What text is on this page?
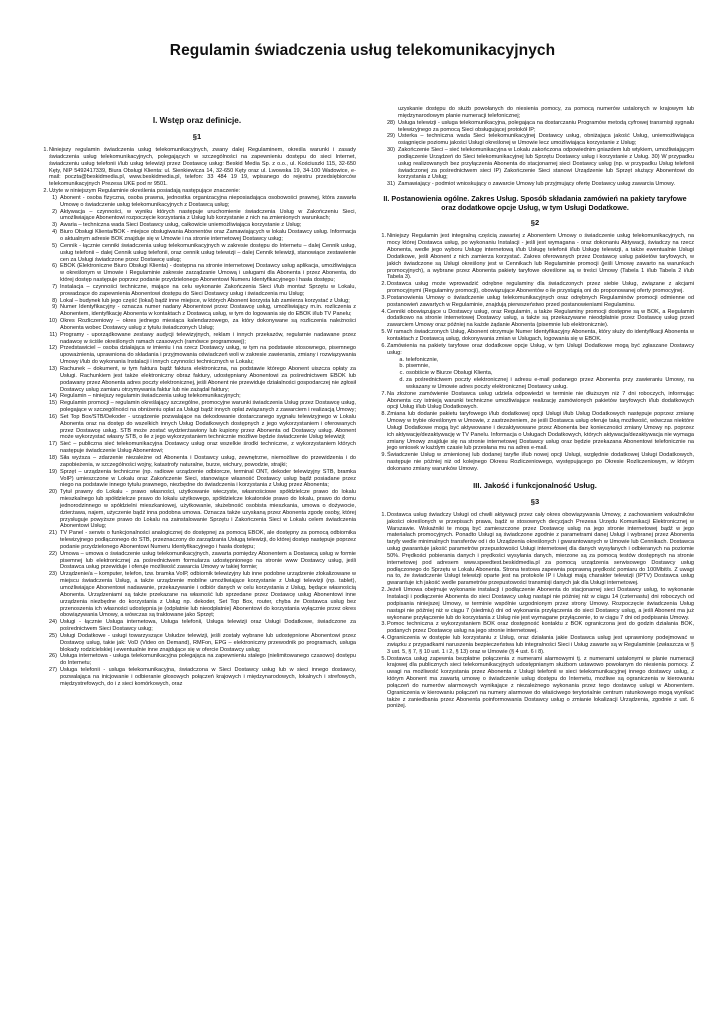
Regulamin świadczenia usług telekomunikacyjnych
I. Wstęp oraz definicje.
§1
1. Niniejszy regulamin świadczenia usług telekomunikacyjnych, zwany dalej Regulaminem, określa warunki i zasady świadczenia usług telekomunikacyjnych, polegających w szczególności na zapewnieniu dostępu do sieci Internet, świadczeniu usług telefonii i/lub usług telewizji przez Dostawcę usług: Beskid Media Sp. z o.o., ul. Kościuszki 115, 32-650 Kęty, NIP 5492417339, Biura Obsługi Klienta: ul. Sienkiewicza 14, 32-650 Kęty oraz ul. Lwowska 19, 34-100 Wadowice, e-mail: poczta@beskidmedia.pl, www.beskidmedia.pl, telefon: 33 484 19 19, wpisanego do rejestru przedsiębiorców telekomunikacyjnych Prezesa UKE pod nr 9501.
2. Użyte w niniejszym Regulaminie określenia posiadają następujące znaczenie:
1) Abonent - osoba fizyczna, osoba prawna, jednostka organizacyjna nieposiadająca osobowości prawnej, która zawarła Umowę o świadczenie usług telekomunikacyjnych z Dostawcą usług;
2) Aktywacja – czynności, w wyniku których następuje uruchomienie świadczenia Usług w Zakończeniu Sieci, umożliwiające Abonentowi rozpoczęcie korzystania z Usług lub korzystanie z nich na zmienionych warunkach;
3) Awaria – techniczna wada Sieci Dostawcy usług, całkowicie uniemożliwiająca korzystanie z Usług;
4) Biuro Obsługi Klienta/BOK - miejsce obsługiwania Abonentów oraz Zamawiających w lokalu Dostawcy usług. Informacja o aktualnym adresie BOK znajduje się w Umowie i na stronie internetowej Dostawcy usług;
5) Cennik - łącznie cenniki świadczenia usług telekomunikacyjnych w zakresie dostępu do Internetu – dalej Cennik usług, usług telefonii – dalej Cennik usług telefonii, oraz cennik usług telewizji – dalej Cennik telewizji, stanowiące zestawienie cen za Usługi świadczone przez Dostawcę usług;
6) EBOK (Elektroniczne Biuro Obsługi Klienta) - dostępna na stronie internetowej Dostawcy usług aplikacja, umożliwiająca w określonym w Umowie i Regulaminie zakresie zarządzanie Umową i usługami dla Abonenta i przez Abonenta, do której dostęp następuje poprzez podanie przydzielonego Abonentowi Numeru Identyfikacyjnego i hasła dostępu;
7) Instalacja – czynności techniczne, mające na celu wykonanie Zakończenia Sieci i/lub montaż Sprzętu w Lokalu, prowadzące do zapewnienia Abonentowi dostępu do Sieci Dostawcy usług i świadczenia mu Usług;
8) Lokal – budynek lub jego część (lokal) bądź inne miejsce, w których Abonent korzysta lub zamierza korzystać z Usług;
9) Numer Identyfikacyjny - oznacza numer nadany Abonentowi przez Dostawcę usług, umożliwiający m.in. rozliczenia z Abonentem, identyfikację Abonenta w kontaktach z Dostawcą usług, w tym do logowania się do EBOK i/lub TV Panelu;
10) Okres Rozliczeniowy – okres jednego miesiąca kalendarzowego, za który dokonywane są rozliczenia należności Abonenta wobec Dostawcy usług z tytułu świadczonych Usług;
11) Programy - uporządkowane zestawy audycji telewizyjnych, reklam i innych przekazów, regularnie nadawane przez nadawcę w ściśle określonych ramach czasowych (ramówce programowej);
12) Przedstawiciel – osoba działająca w imieniu i na rzecz Dostawcy usług, w tym na podstawie stosownego, pisemnego upoważnienia, uprawniona do składania i przyjmowania oświadczeń woli w zakresie zawierania, zmiany i rozwiązywania Umowy i/lub do wykonania Instalacji i innych czynności technicznych w Lokalu;
13) Rachunek – dokument, w tym faktura bądź faktura elektroniczna, na podstawie którego Abonent uiszcza opłaty za Usługi. Rachunkiem jest także elektroniczny obraz faktury, udostępniany Abonentowi za pośrednictwem EBOK lub podawany przez Abonenta adres poczty elektronicznej, jeśli Abonent nie przewiduje działalności gospodarczej nie zgłosił Dostawcy usług zamiaru otrzymywania faktur lub nie zażądał faktury;
14) Regulamin – niniejszy regulamin świadczenia usług telekomunikacyjnych;
15) Regulamin promocji – regulamin określający szczególne, promocyjne warunki świadczenia Usług przez Dostawcę usług, polegające w szczególności na obniżeniu opłat za Usługi bądź innych opłat związanych z zawarciem i realizacją Umowy;
16) Set Top Box/STB/Dekoder - urządzenie pozwalające na dekodowanie dostarczanego sygnału telewizyjnego w Lokalu Abonenta oraz na dostęp do wszelkich innych Usług Dodatkowych dostępnych z jego wykorzystaniem i oferowanych przez Dostawcę usług. STB może zostać wydzierżawiony lub kupiony przez Abonenta od Dostawcy usług. Abonent może wykorzystać własny STB, o ile z jego wykorzystaniem technicznie możliwe będzie świadczenie Usług telewizji;
17) Sieć – publiczna sieć telekomunikacyjna Dostawcy usług oraz wszelkie środki techniczne, z wykorzystaniem których następuje świadczenie Usług Abonentowi;
18) Siła wyższa – zdarzenie niezależne od Abonenta i Dostawcy usług, zewnętrzne, niemożliwe do przewidzenia i do zapobieżenia, w szczególności wojny, katastrofy naturalne, burze, wichury, powodzie, strajki;
19) Sprzęt – urządzenia techniczne (np. radiowe urządzenie odbiorcze, terminal ONT, dekoder telewizyjny STB, bramka VoIP) umieszczone w Lokalu oraz Zakończenie Sieci, stanowiące własność Dostawcy usług bądź posiadane przez niego na podstawie innego tytułu prawnego, niezbędne do świadczenia i korzystania z Usług przez Abonenta;
20) Tytuł prawny do Lokalu - prawo własności, użytkowanie wieczyste, własnościowe spółdzielcze prawo do lokalu mieszkalnego lub spółdzielcze prawo do lokalu użytkowego, spółdzielcze lokatorskie prawo do lokalu, prawo do domu jednorodzinnego w spółdzielni mieszkaniowej, użytkowanie, służebność osobista mieszkania, umowa o dożywocie, dzierżawa, najem, użyczenie bądź inna podobna umowa. Oznacza także uzyskaną przez Abonenta zgodę osoby, której przysługuje powyższe prawo do Lokalu na zainstalowanie Sprzętu i Zakończenia Sieci w Lokalu celem świadczenia Abonentowi Usług;
21) TV Panel - serwis o funkcjonalności analogicznej do dostępnej za pomocą EBOK, ale dostępny za pomocą odbiornika telewizyjnego podłączonego do STB, przeznaczony do zarządzania Usługą telewizji, do której dostęp następuje poprzez podanie przydzielonego Abonentowi Numeru Identyfikacyjnego i hasła dostępu;
22) Umowa – umowa o świadczenie usług telekomunikacyjnych, zawarta pomiędzy Abonentem a Dostawcą usług w formie pisemnej lub elektronicznej za pośrednictwem formularza udostępnionego na stronie www Dostawcy usług, jeśli Dostawca usług przewiduje i oferuje możliwość zawarcia Umowy w takiej formie;
23) Urządzenie/a – komputer, telefon, tzw. bramka VoIP, odbiornik telewizyjny lub inne podobne urządzenie zlokalizowane w miejscu świadczenia Usług, a także urządzenie mobilne umożliwiające korzystanie z Usługi telewizji (np. tablet), umożliwiające Abonentowi nadawanie, przekazywanie i odbiór danych w celu korzystania z Usług, będące własnością Abonenta. Urządzeniami są także przekazane na własność lub sprzedane przez Dostawcę usług Abonentowi inne urządzenia niezbędne do korzystania z Usług np. dekoder, Set Top Box, router, chyba że Dostawca usług bez przenoszenia ich własności udostępnia je (odpłatnie lub nieodpłatnie) Abonentowi do korzystania wyłącznie przez okres obowiązywania Umowy, a wówczas są traktowane jako Sprzęt;
24) Usługi - łącznie Usługa internetowa, Usługa telefonii, Usługa telewizji oraz Usługi Dodatkowe, świadczone za pośrednictwem Sieci Dostawcy usług;
25) Usługi Dodatkowe - usługi towarzyszące Usłudze telewizji, jeśli zostały wybrane lub udostępnione Abonentowi przez Dostawcę usług, takie jak: VoD (Video on Demand), RMFon, EPG – elektroniczny przewodnik po programach, usługa blokady rodzicielskiej i ewentualnie inne znajdujące się w ofercie Dostawcy usług;
26) Usługa internetowa - usługa telekomunikacyjna polegająca na zapewnieniu stałego (nielimitowanego czasowo) dostępu do Internetu;
27) Usługa telefonii - usługa telekomunikacyjna, świadczona w Sieci Dostawcy usług lub w sieci innego dostawcy, pozwalająca na inicjowanie i odbieranie głosowych połączeń krajowych i międzynarodowych, lokalnych i strefowych, międzystrefowych, do i z sieci komórkowych, oraz
uzyskanie dostępu do służb powołanych do niesienia pomocy, za pomocą numerów ustalonych w krajowym lub międzynarodowym planie numeracji telefonicznej;
28) Usługa telewizji - usługa telekomunikacyjna, polegająca na dostarczaniu Programów metodą cyfrowej transmisji sygnału telewizyjnego za pomocą Sieci obsługującej protokół IP;
29) Usterka – techniczna wada Sieci telekomunikacyjnej Dostawcy usług, obniżająca jakość Usług, uniemożliwiająca osiągnięcie poziomu jakości Usługi określonej w Umowie lecz umożliwiająca korzystanie z Usług;
30) Zakończenie Sieci – sieć telekomunikacyjna w Lokalu zakończona odpowiednim gniazdem lub wtykiem, umożliwiającym podłączenie Urządzeń do Sieci telekomunikacyjnej lub Sprzętu Dostawcy usług i korzystanie z Usług. 30) W przypadku usług realizowanych bez przyłączenia Abonenta do stacjonarnej sieci Dostawcy usług (np. w przypadku Usług telefonii świadczonej za pośrednictwem sieci IP) Zakończenie Sieci stanowi Urządzenie lub Sprzęt służący Abonentowi do korzystania z Usług;
31) Zamawiający - podmiot wnioskujący o zawarcie Umowy lub przyjmujący ofertę Dostawcy usług zawarcia Umowy.
II. Postanowienia ogólne. Zakres Usług. Sposób składania zamówień na pakiety taryfowe oraz dodatkowe opcje Usług, w tym Usługi Dodatkowe.
§2
1. Niniejszy Regulamin jest integralną częścią zawartej z Abonentem Umowy o świadczenie usług telekomunikacyjnych, na mocy której Dostawca usług, po wykonaniu Instalacji - jeśli jest wymagana - oraz dokonaniu Aktywacji, świadczy na rzecz Abonenta, wedle jego wyboru Usługę internetową i/lub Usługę telefonii i/lub Usługę telewizji, a także ewentualnie Usługi Dodatkowe, jeśli Abonent z nich zamierza korzystać. Zakres oferowanych przez Dostawcę usług pakietów taryfowych, w jakich świadczone są Usługi określony jest w Cennikach lub Regulaminie promocji (jeśli Umowę zawarto na warunkach promocyjnych), a wybrane przez Abonenta pakiety taryfowe określone są w treści Umowy (Tabela 1 i/lub Tabela 2 i/lub Tabela 3).
2. Dostawca usług może wprowadzić odrębne regulaminy dla świadczonych przez siebie Usług, związane z akcjami promocyjnymi (Regulaminy promocji), obowiązujące Abonentów o ile przystąpią oni do proponowanej oferty promocyjnej.
3. Postanowienia Umowy o świadczenie usług telekomunikacyjnych oraz odrębnych Regulaminów promocji odmienne od postanowień zawartych w Regulaminie, znajdują pierwszeństwo przed postanowieniami Regulaminu.
4. Cenniki obowiązujące u Dostawcy usług, oraz Regulamin, a także Regulaminy promocji dostępne są w BOK, a Regulamin dodatkowo na stronie internetowej Dostawcy usług, a także są przekazywane nieodpłatnie przez Dostawcę usług przed zawarciem Umowy oraz później na każde żądanie Abonenta (pisemnie lub elektronicznie).
5. W ramach świadczonych Usług, Abonent otrzymuje Numer Identyfikacyjny Abonenta, który służy do identyfikacji Abonenta w kontaktach z Dostawcą usług, dokonywania zmian w Usługach, logowania się w EBOK.
6. Zamówienia na pakiety taryfowe oraz dodatkowe opcje Usług, w tym Usługi Dodatkowe mogą być zgłaszane Dostawcy usług:
a. telefonicznie,
b. pisemnie,
c. osobiście w Biurze Obsługi Klienta,
d. za pośrednictwem poczty elektronicznej i adresu e-mail podanego przez Abonenta przy zawieraniu Umowy, na wskazany w Umowie adres poczty elektronicznej Dostawcy usług.
7. Na złożone zamówienie Dostawca usług udziela odpowiedzi w terminie nie dłuższym niż 7 dni roboczych, informując Abonenta czy istnieją warunki techniczne umożliwiające realizację zamówionych pakietów taryfowych i/lub dodatkowych opcji Usług i/lub Usług Dodatkowych.
8. Zmiana lub dodanie pakietu taryfowego i/lub dodatkowej opcji Usługi i/lub Usług Dodatkowych następuje poprzez zmianę Umowy w trybie określonym w Umowie, z zastrzeżeniem, że jeśli Dostawca usług oferuje taką możliwość, wówczas niektóre Usługi Dodatkowe mogą być aktywowane i dezaktywowane przez Abonenta bez konieczności zmiany Umowy np. poprzez ich aktywację/dezaktywację w TV Panelu. Informacja o Usługach Dodatkowych, których aktywacja/dezaktywacja nie wymaga zmiany Umowy znajduje się na stronie internetowej Dostawcy usług oraz będzie przekazana Abonentowi telefonicznie na jego wniosek w każdym czasie lub przesłana mu na adres e-mail.
9. Świadczenie Usług w zmienionej lub dodanej taryfie i/lub nowej opcji Usługi, względnie dodatkowej Usługi Dodatkowych, następuje nie później niż od kolejnego Okresu Rozliczeniowego, występującego po Okresie Rozliczeniowym, w którym dokonano zmiany warunków Umowy.
III. Jakość i funkcjonalność Usług.
§3
1. Dostawca usług świadczy Usługi od chwili aktywacji przez cały okres obowiązywania Umowy, z zachowaniem wskaźników jakości określonych w przepisach prawa, bądź w stosownych decyzjach Prezesa Urzędu Komunikacji Elektronicznej w Warszawie. Wskaźniki te mogą być zamieszczone przez Dostawcę usług na jego stronie internetowej bądź w jego materiałach promocyjnych. Ponadto Usługi są świadczone zgodnie z parametrami danej Usługi i wybranej przez Abonenta taryfy wedle minimalnych transferów od i do Urządzenia określonych i gwarantowanych w Umowie lub Cennikach. Dostawca usług gwarantuje jakość parametrów przepustowości Usługi internetowej dla danych wysyłanych i odbieranych na poziomie 50%. Prędkości pobierania danych i prędkości wysyłania danych, mierzone są za pomocą testów dostępnych na stronie internetowej pod adresem www.speedtest.beskidmedia.pl za pomocą urządzenia serwisowego Dostawcy usług podłączonego do Sprzętu w Lokalu Abonenta. Strona testowa zapewnia poprawną prędkość pomiaru do 100Mbit/s. Z uwagi na to, że świadczenie Usługi telewizji oparte jest na protokole IP i Usługi mają charakter telewizji (IPTV) Dostawca usług gwarantuje ich jakość wedle parametrów przepustowości transmisji danych jak dla Usługi internetowej.
2. Jeżeli Umowa obejmuje wykonanie instalacji i podłączenie Abonenta do stacjonarnej sieci Dostawcy usług, to wykonanie Instalacji i podłączenie Abonenta do sieci Dostawcy usług nastąpi nie później niż w ciągu 14 (czternastu) dni roboczych od podpisania niniejszej Umowy, w terminie wspólnie uzgodnionym przez strony Umowy. Rozpoczęcie świadczenia Usług nastąpi nie później niż w ciągu 7 (siedmiu) dni od wykonania przyłączenia do sieci Dostawcy usług, a jeśli Abonent ma już wykonane przyłączenie lub do korzystania z Usług nie jest wymagane przyłączenie, to w ciągu 7 dni od podpisania Umowy.
3. Pomoc techniczna z wykorzystaniem BOK oraz dostępność kontaktu z BOK ograniczona jest do godzin działania BOK, podanych przez Dostawcę usług na jego stronie internetowej.
4. Ograniczenia w dostępie lub korzystaniu z Usług, oraz działania jakie Dostawca usług jest uprawniony podejmować w związku z przypadkami naruszenia bezpieczeństwa lub integralności Sieci i Usług zawarte są w Regulaminie (zwłaszcza w § 3 ust. 5, § 7, § 10 ust. 1 i 2, § 13) oraz w Umowie (§ 4 ust. 6 i 8).
5. Dostawca usług zapewnia bezpłatne połączenia z numerami alarmowymi tj. z numerami ustalonymi w planie numeracji krajowej dla publicznych sieci telekomunikacyjnych udostępnianym służbom ustawowo powołanym do niesienia pomocy. Z uwagi na możliwość korzystania przez Abonenta z Usługi telefonii w sieci telekomunikacyjnej innego dostawcy usług, z którym Abonent ma zawartą umowę o świadczenie usług dostępu do Internetu, możliwe są ograniczenia w kierowaniu połączeń do numerów alarmowych wynikające z niezależnego wykonania przez tego dostawcę usługi w Abonentem. Ograniczenia w kierowaniu połączeń na numery alarmowe do właściwego terytorialnie centrum ratunkowego mogą wynikać także z zaniedbania przez Abonenta poinformowania Dostawcy usług o zmianie lokalizacji Urządzenia, zgodnie z ust. 6 poniżej.
